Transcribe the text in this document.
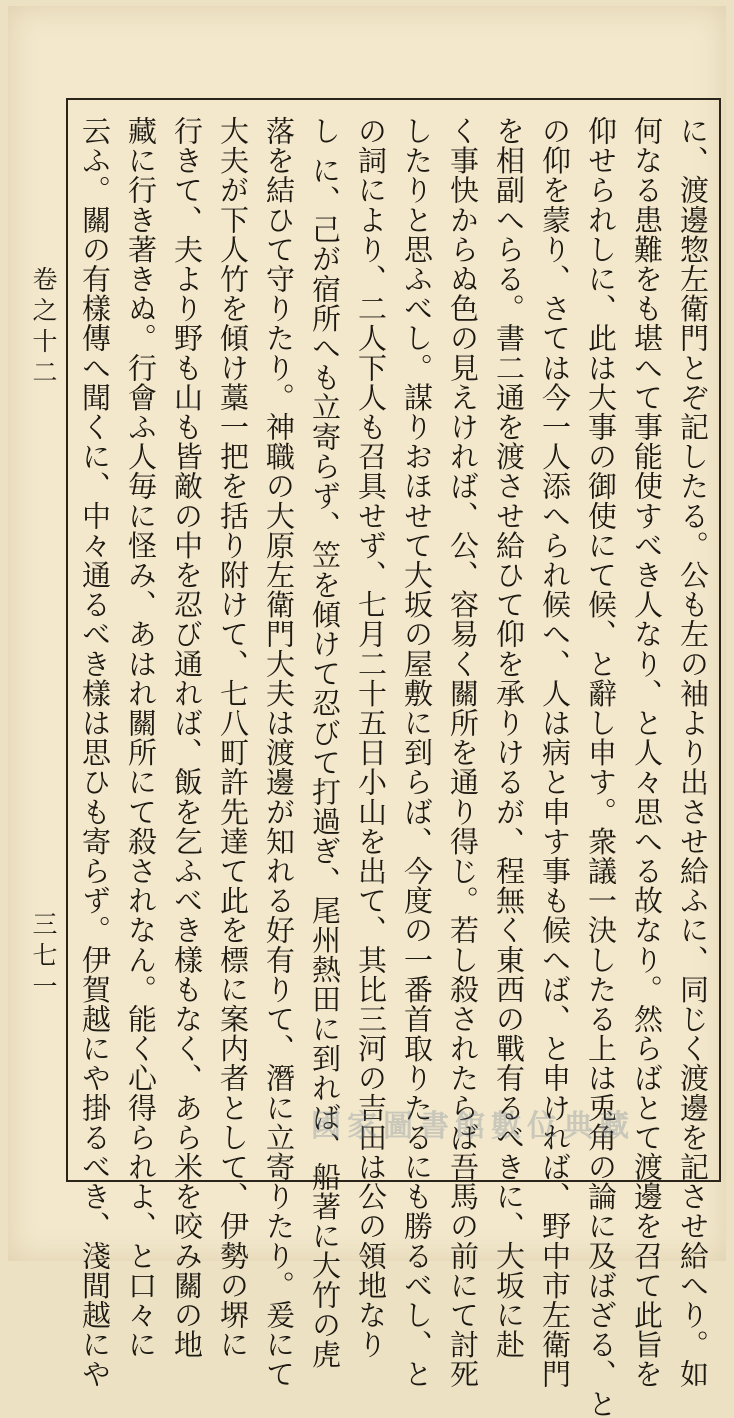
卷之十二
三七一	に、渡邊惣左衛門とぞ記したる。公も左の袖より出させ給ふに、同じく渡邊を記させ給へり。如
何なる患難をも堪へて事能使すべき人なり、と人々思へる故なり。然らばとて渡邊を召て此旨を
仰せられしに、此は大事の御使にて候、と辭し申す。衆議一決したる上は兎角の論に及ばざる、と
の仰を蒙り、さては今一人添へられ候へ、人は病と申す事も候へば、と申ければ、野中市左衛門
を相副へらる。書二通を渡させ給ひて仰を承りけるが、程無く東西の戰有るべきに、大坂に赴
く事快からぬ色の見えければ、公、容易く關所を通り得じ。若し殺されたらば吾馬の前にて討死
したりと思ふべし。謀りおほせて大坂の屋敷に到らば、今度の一番首取りたるにも勝るべし、と
の詞により、二人下人も召具せず、七月二十五日小山を出て、其比三河の吉田は公の領地なり
し に、己が宿所へも立寄らず、笠を傾けて忍びて打過ぎ、尾州熱田に到れば、船著に大竹の虎
落を結ひて守りたり。神職の大原左衛門大夫は渡邊が知れる好有りて、潛に立寄りたり。爰にて
大夫が下人竹を傾け藁一把を括り附けて、七八町許先達て此を標に案内者として、伊勢の堺に
行きて、夫より野も山も皆敵の中を忍び通れば、飯を乞ふべき樣もなく、あら米を咬み關の地
藏に行き著きぬ。行會ふ人毎に怪み、あはれ關所にて殺されなん。能く心得られよ、と口々に
云ふ。關の有樣傳へ聞くに、中々通るべき樣は思ひも寄らず。伊賀越にや掛るべき、淺間越にや	國家圖書館數位典藏
